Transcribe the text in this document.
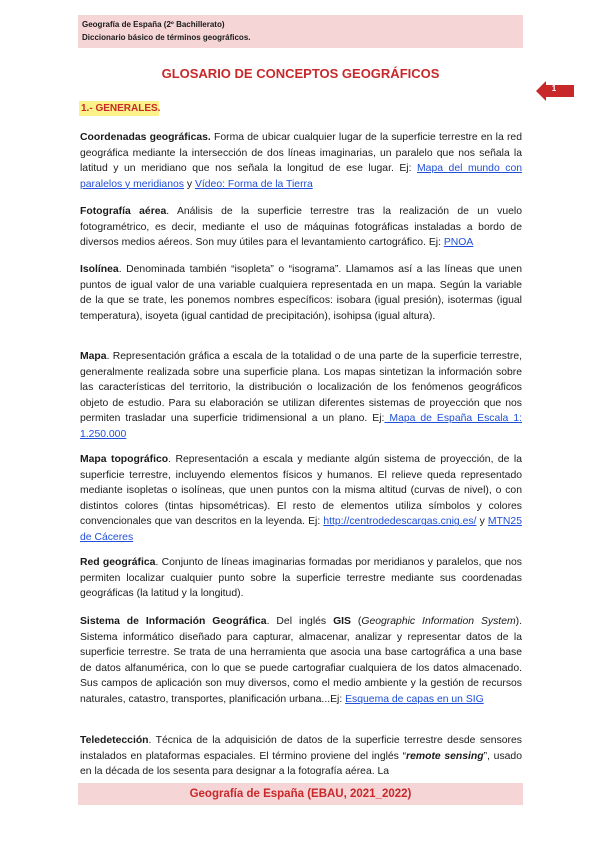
Geografía de España (2º Bachillerato)
Diccionario básico de términos geográficos.
GLOSARIO DE CONCEPTOS GEOGRÁFICOS
1
1.- GENERALES.

Coordenadas geográficas. Forma de ubicar cualquier lugar de la superficie terrestre en la red geográfica mediante la intersección de dos líneas imaginarias, un paralelo que nos señala la latitud y un meridiano que nos señala la longitud de ese lugar. Ej: Mapa del mundo con paralelos y meridianos y Vídeo: Forma de la Tierra

Fotografía aérea. Análisis de la superficie terrestre tras la realización de un vuelo fotogramétrico, es decir, mediante el uso de máquinas fotográficas instaladas a bordo de diversos medios aéreos. Son muy útiles para el levantamiento cartográfico. Ej: PNOA

Isolínea. Denominada también “isopleta” o “isograma”. Llamamos así a las líneas que unen puntos de igual valor de una variable cualquiera representada en un mapa. Según la variable de la que se trate, les ponemos nombres específicos: isobara (igual presión), isotermas (igual temperatura), isoyeta (igual cantidad de precipitación), isohipsa (igual altura).

Mapa. Representación gráfica a escala de la totalidad o de una parte de la superficie terrestre, generalmente realizada sobre una superficie plana. Los mapas sintetizan la información sobre las características del territorio, la distribución o localización de los fenómenos geográficos objeto de estudio. Para su elaboración se utilizan diferentes sistemas de proyección que nos permiten trasladar una superficie tridimensional a un plano. Ej: Mapa de España Escala 1: 1.250.000

Mapa topográfico. Representación a escala y mediante algún sistema de proyección, de la superficie terrestre, incluyendo elementos físicos y humanos. El relieve queda representado mediante isopletas o isolíneas, que unen puntos con la misma altitud (curvas de nivel), o con distintos colores (tintas hipsométricas). El resto de elementos utiliza símbolos y colores convencionales que van descritos en la leyenda. Ej: http://centrodedescargas.cnig.es/ y MTN25 de Cáceres

Red geográfica. Conjunto de líneas imaginarias formadas por meridianos y paralelos, que nos permiten localizar cualquier punto sobre la superficie terrestre mediante sus coordenadas geográficas (la latitud y la longitud).

Sistema de Información Geográfica. Del inglés GIS (Geographic Information System). Sistema informático diseñado para capturar, almacenar, analizar y representar datos de la superficie terrestre. Se trata de una herramienta que asocia una base cartográfica a una base de datos alfanumérica, con lo que se puede cartografiar cualquiera de los datos almacenado. Sus campos de aplicación son muy diversos, como el medio ambiente y la gestión de recursos naturales, catastro, transportes, planificación urbana...Ej: Esquema de capas en un SIG

Teledetección. Técnica de la adquisición de datos de la superficie terrestre desde sensores instalados en plataformas espaciales. El término proviene del inglés “remote sensing”, usado en la década de los sesenta para designar a la fotografía aérea. La

Geografía de España (EBAU, 2021_2022)
